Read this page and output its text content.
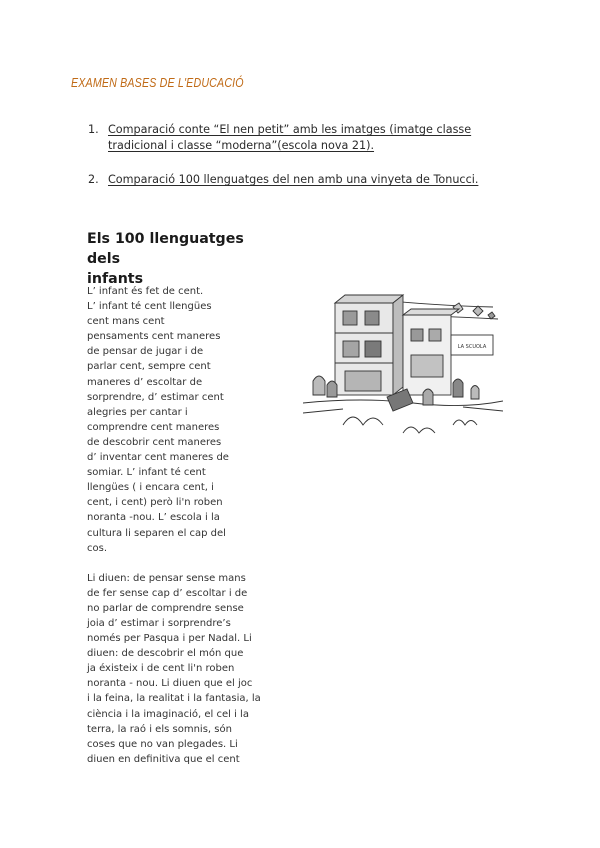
EXAMEN BASES DE L'EDUCACIÓ
1. Comparació conte “El nen petit” amb les imatges (imatge classe
tradicional i classe “moderna”(escola nova 21).
2. Comparació 100 llenguatges del nen amb una vinyeta de Tonucci.
Els 100 llenguatges dels
infants
L’ infant és fet de cent.
L’ infant té cent llengües
cent mans cent
pensaments cent maneres
de pensar de jugar i de
parlar cent, sempre cent
maneres d’ escoltar de
sorprendre, d’ estimar cent
alegries per cantar i
comprendre cent maneres
de descobrir cent maneres
d’ inventar cent maneres de
somiar. L’ infant té cent
llengües ( i encara cent, i
cent, i cent) però li'n roben
noranta -nou. L’ escola i la
cultura li separen el cap del
cos.
Li diuen: de pensar sense mans
de fer sense cap d’ escoltar i de
no parlar de comprendre sense
joia d’ estimar i sorprendre’s
només per Pasqua i per Nadal. Li
diuen: de descobrir el món que
ja éxisteix i de cent li'n roben
noranta - nou. Li diuen que el joc
i la feina, la realitat i la fantasia, la
ciència i la imaginació, el cel i la
terra, la raó i els somnis, són
coses que no van plegades. Li
diuen en definitiva que el cent
LA SCUOLA
